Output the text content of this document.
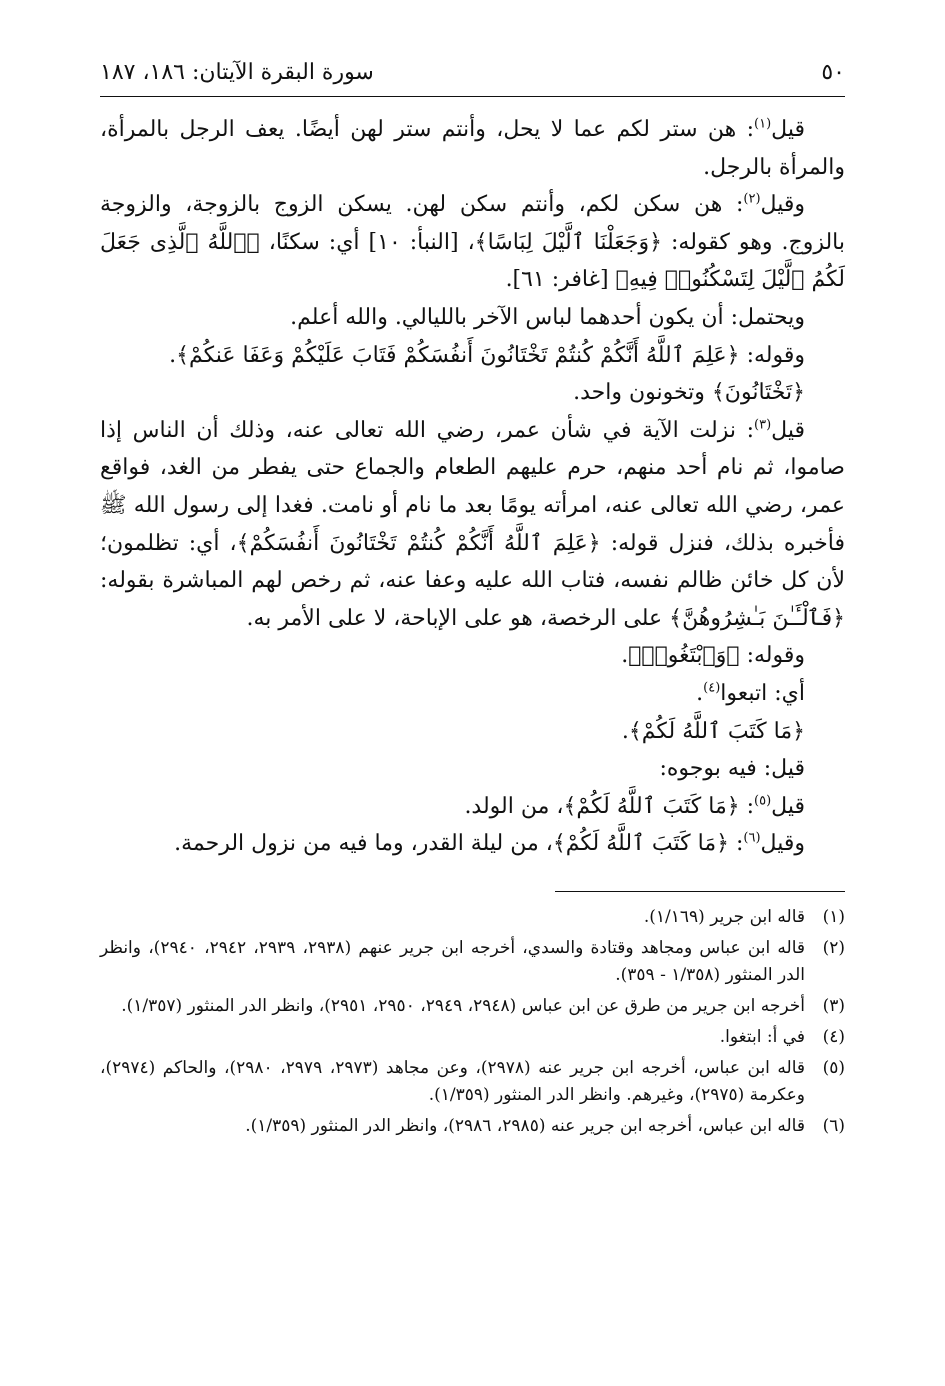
٥٠
سورة البقرة الآيتان: ١٨٦، ١٨٧

قيل$^{(١)}$: هن ستر لكم عما لا يحل، وأنتم ستر لهن أيضًا. يعف الرجل بالمرأة، والمرأة بالرجل.

وقيل$^{(٢)}$: هن سكن لكم، وأنتم سكن لهن. يسكن الزوج بالزوجة، والزوجة بالزوج. وهو كقوله: ﴿وَجَعَلْنَا ٱلَّيْلَ لِبَاسًا﴾، [النبأ: ١٠] أي: سكنًا، ﴿ٱللَّهُ ٱلَّذِى جَعَلَ لَكُمُ ٱلَّيْلَ لِتَسْكُنُوا۟ فِيهِ﴾ [غافر: ٦١].

ويحتمل: أن يكون أحدهما لباس الآخر بالليالي. والله أعلم.

وقوله: ﴿عَلِمَ ٱللَّهُ أَنَّكُمْ كُنتُمْ تَخْتَانُونَ أَنفُسَكُمْ فَتَابَ عَلَيْكُمْ وَعَفَا عَنكُمْ﴾.

﴿تَخْتَانُونَ﴾ وتخونون واحد.

قيل$^{(٣)}$: نزلت الآية في شأن عمر، رضي الله تعالى عنه، وذلك أن الناس إذا صاموا، ثم نام أحد منهم، حرم عليهم الطعام والجماع حتى يفطر من الغد، فواقع عمر، رضي الله تعالى عنه، امرأته يومًا بعد ما نام أو نامت. فغدا إلى رسول الله ﷺ فأخبره بذلك، فنزل قوله: ﴿عَلِمَ ٱللَّهُ أَنَّكُمْ كُنتُمْ تَخْتَانُونَ أَنفُسَكُمْ﴾، أي: تظلمون؛ لأن كل خائن ظالم نفسه، فتاب الله عليه وعفا عنه، ثم رخص لهم المباشرة بقوله: ﴿فَٱلْـَٔـٰنَ بَـٰشِرُوهُنَّ﴾ على الرخصة، هو على الإباحة، لا على الأمر به.

وقوله: ﴿وَٱبْتَغُوا۟﴾.

أي: اتبعوا$^{(٤)}$.

﴿مَا كَتَبَ ٱللَّهُ لَكُمْ﴾.

قيل: فيه بوجوه:

قيل$^{(٥)}$: ﴿مَا كَتَبَ ٱللَّهُ لَكُمْ﴾، من الولد.

وقيل$^{(٦)}$: ﴿مَا كَتَبَ ٱللَّهُ لَكُمْ﴾، من ليلة القدر، وما فيه من نزول الرحمة.

(١)
قاله ابن جرير (١/١٦٩).
(٢)
قاله ابن عباس ومجاهد وقتادة والسدي، أخرجه ابن جرير عنهم (٢٩٣٨، ٢٩٣٩، ٢٩٤٢، ٢٩٤٠)، وانظر الدر المنثور (١/٣٥٨ - ٣٥٩).
(٣)
أخرجه ابن جرير من طرق عن ابن عباس (٢٩٤٨، ٢٩٤٩، ٢٩٥٠، ٢٩٥١)، وانظر الدر المنثور (١/٣٥٧).
(٤)
في أ: ابتغوا.
(٥)
قاله ابن عباس، أخرجه ابن جرير عنه (٢٩٧٨)، وعن مجاهد (٢٩٧٣، ٢٩٧٩، ٢٩٨٠)، والحاكم (٢٩٧٤)، وعكرمة (٢٩٧٥)، وغيرهم. وانظر الدر المنثور (١/٣٥٩).
(٦)
قاله ابن عباس، أخرجه ابن جرير عنه (٢٩٨٥، ٢٩٨٦)، وانظر الدر المنثور (١/٣٥٩).
